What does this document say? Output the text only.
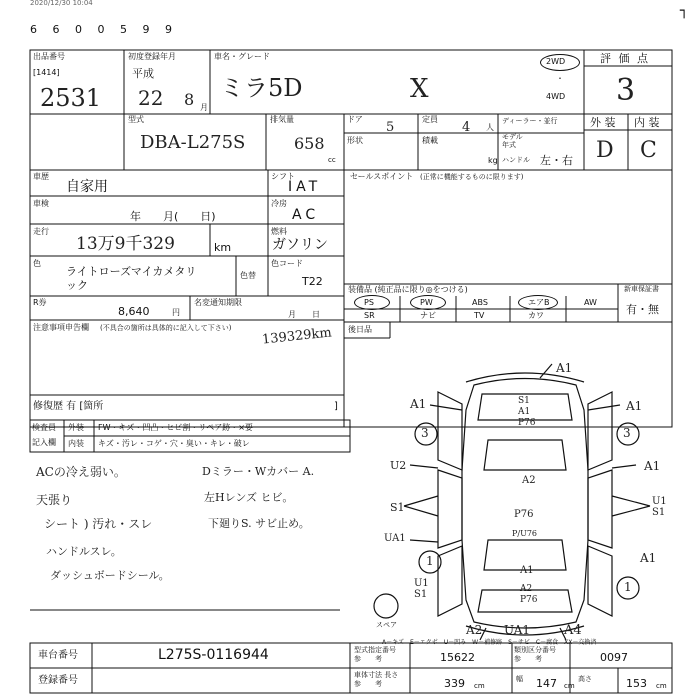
2020/12/30 10:04
6 6 0 0 5 9 9
┐
出品番号
[1414]
2531
初度登録年月
平成
22 8 月
車名・グレード
ミラ5D	X
2WD
・
4WD
評 価 点
3
外 装 内 装
D C
型式
DBA-L275S
排気量
658
cc
ドア
5
形状
定員
4 人
積載
kg
ディーラー・並行
モデル
年式
ハンドル 左・右
車歴
自家用
シフト
IAT
車検
年　　月(　　日)
冷房
AC
走行
13万9千329	km
燃料
ガソリン
色
ライトローズマイカメタリ
ック
色替
色コード
T22
R券
8,640	円
名変通知期限
月　　日
注意事項申告欄 (不具合の箇所は具体的に記入して下さい) 139329km
修復歴 有 [箇所	]
セールスポイント (正常に機能するものに限ります)
装備品 (純正品に限り◎をつける)
PS	PW	ABS	エアB	AW
SR	ナビ	TV	カワ
新車保証書
有・無
後日品
検査員
記入欄
外装
内装
FW・キズ・凹凸・ヒビ割・リペア跡・×要
キズ・汚レ・コゲ・穴・臭い・キレ・破レ
ACの冷え弱い。
天張り
シート ) 汚れ・スレ
ハンドルスレ。
ダッシュボードシール。
Dミラー・Wカバー A.
左Hレンズ ヒビ。
下廻りS. サビ止め。
A1
A1	A1
S1
A1
P76
U2	A1
A2
S1
P76
U1
S1
UA1	P/U76
U1
S1
A1
A1
A2
P76
A2 UA1	A4
スペア
3	3
1
1
A－キズ　E－エクボ　U－凹み　W－補修跡　S－サビ　C－腐食　XX－交換済
車台番号	L275S-0116944
登録番号
型式指定番号
参　　考	15622
類別区分番号
参　　考	0097
車体寸法 長さ
参　　考	339 cm
幅 147 cm
高さ	153 cm
